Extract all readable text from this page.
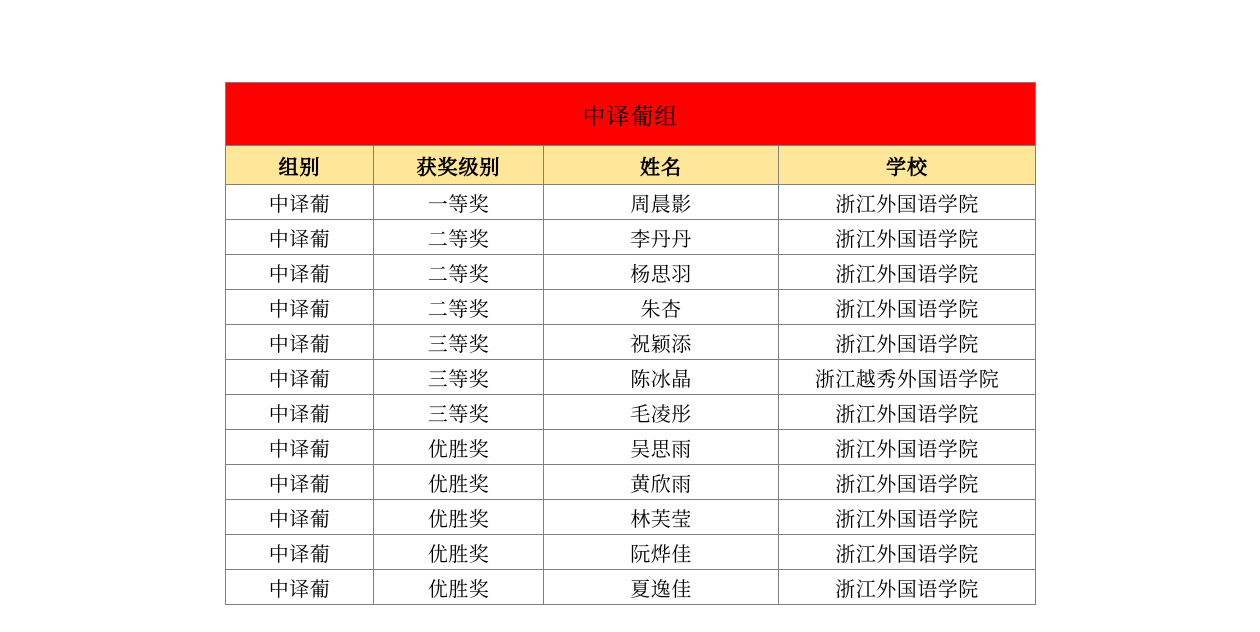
中译葡组			
组别	获奖级别	姓名	学校
中译葡	一等奖	周晨影	浙江外国语学院
中译葡	二等奖	李丹丹	浙江外国语学院
中译葡	二等奖	杨思羽	浙江外国语学院
中译葡	二等奖	朱杏	浙江外国语学院
中译葡	三等奖	祝颖添	浙江外国语学院
中译葡	三等奖	陈冰晶	浙江越秀外国语学院
中译葡	三等奖	毛凌彤	浙江外国语学院
中译葡	优胜奖	吴思雨	浙江外国语学院
中译葡	优胜奖	黄欣雨	浙江外国语学院
中译葡	优胜奖	林芙莹	浙江外国语学院
中译葡	优胜奖	阮烨佳	浙江外国语学院
中译葡	优胜奖	夏逸佳	浙江外国语学院
